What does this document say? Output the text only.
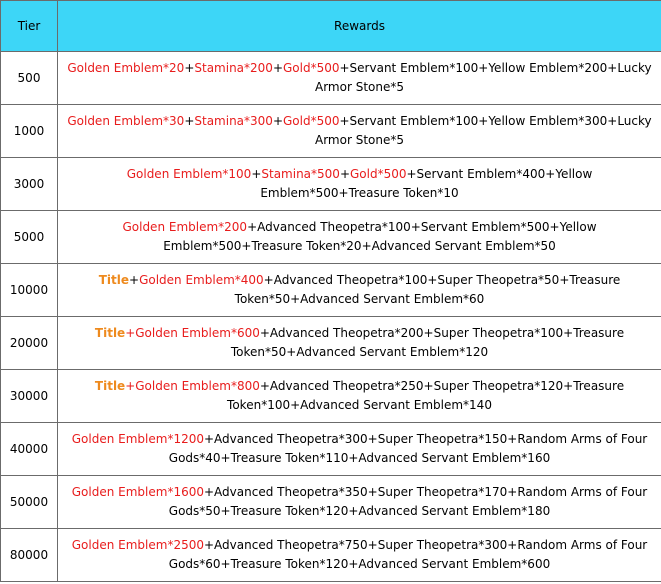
Tier	Rewards
500	Golden Emblem*20+Stamina*200+Gold*500+Servant Emblem*100+Yellow Emblem*200+Lucky Armor Stone*5
1000	Golden Emblem*30+Stamina*300+Gold*500+Servant Emblem*100+Yellow Emblem*300+Lucky Armor Stone*5
3000	Golden Emblem*100+Stamina*500+Gold*500+Servant Emblem*400+Yellow Emblem*500+Treasure Token*10
5000	Golden Emblem*200+Advanced Theopetra*100+Servant Emblem*500+Yellow Emblem*500+Treasure Token*20+Advanced Servant Emblem*50
10000	Title+Golden Emblem*400+Advanced Theopetra*100+Super Theopetra*50+Treasure Token*50+Advanced Servant Emblem*60
20000	Title+Golden Emblem*600+Advanced Theopetra*200+Super Theopetra*100+Treasure Token*50+Advanced Servant Emblem*120
30000	Title+Golden Emblem*800+Advanced Theopetra*250+Super Theopetra*120+Treasure Token*100+Advanced Servant Emblem*140
40000	Golden Emblem*1200+Advanced Theopetra*300+Super Theopetra*150+Random Arms of Four Gods*40+Treasure Token*110+Advanced Servant Emblem*160
50000	Golden Emblem*1600+Advanced Theopetra*350+Super Theopetra*170+Random Arms of Four Gods*50+Treasure Token*120+Advanced Servant Emblem*180
80000	Golden Emblem*2500+Advanced Theopetra*750+Super Theopetra*300+Random Arms of Four Gods*60+Treasure Token*120+Advanced Servant Emblem*600
